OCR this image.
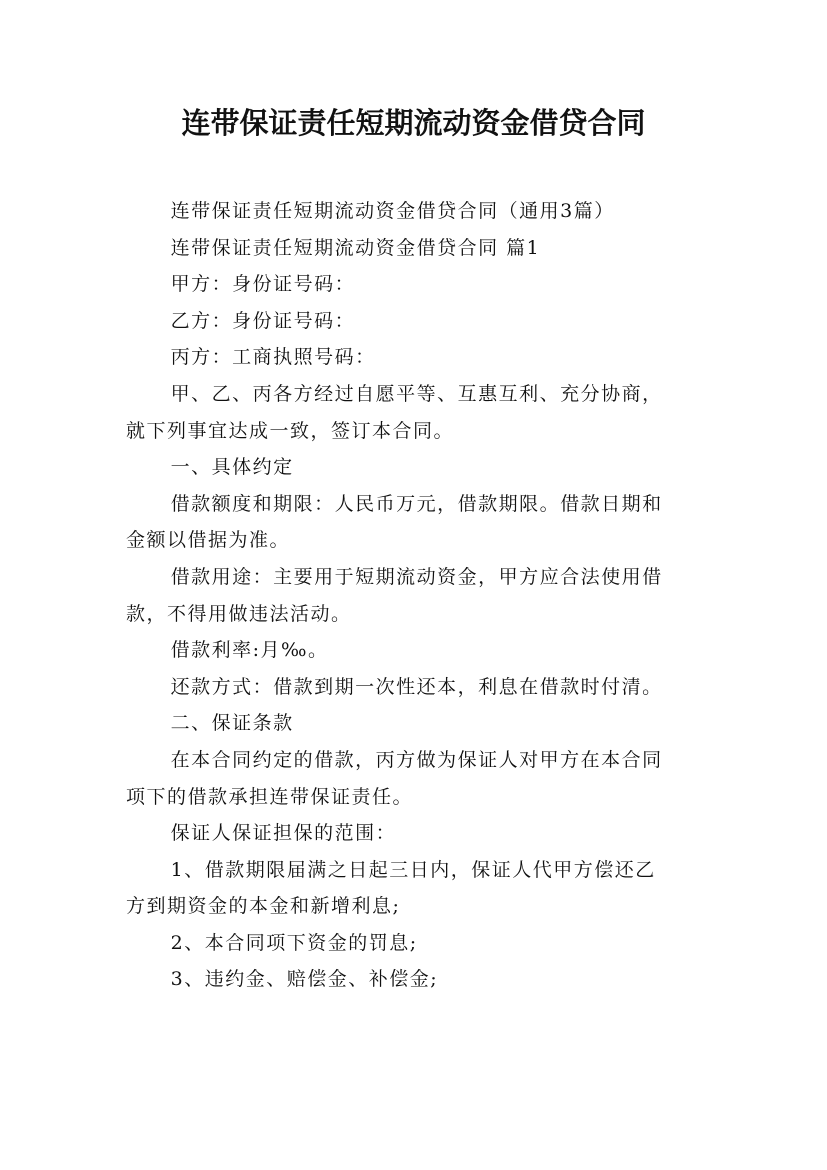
连带保证责任短期流动资金借贷合同

连带保证责任短期流动资金借贷合同（通用3篇）

连带保证责任短期流动资金借贷合同 篇1

甲方：身份证号码：

乙方：身份证号码：

丙方：工商执照号码：

甲、乙、丙各方经过自愿平等、互惠互利、充分协商，
就下列事宜达成一致，签订本合同。

一、具体约定

借款额度和期限：人民币万元，借款期限。借款日期和
金额以借据为准。

借款用途：主要用于短期流动资金，甲方应合法使用借
款，不得用做违法活动。

借款利率:月‰。

还款方式：借款到期一次性还本，利息在借款时付清。

二、保证条款

在本合同约定的借款，丙方做为保证人对甲方在本合同
项下的借款承担连带保证责任。

保证人保证担保的范围：

1、借款期限届满之日起三日内，保证人代甲方偿还乙
方到期资金的本金和新增利息;

2、本合同项下资金的罚息;

3、违约金、赔偿金、补偿金;
